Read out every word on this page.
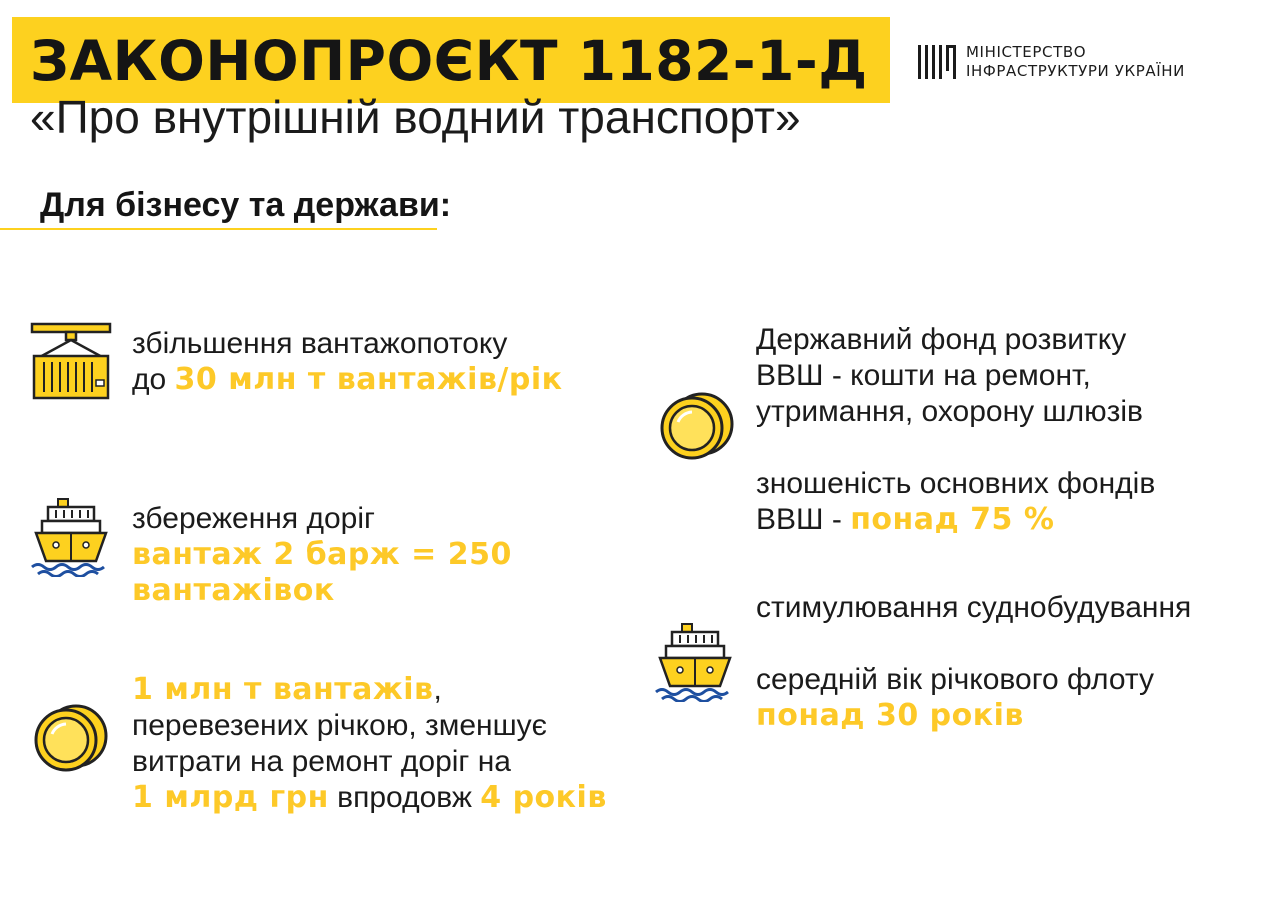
ЗАКОНОПРОЄКТ 1182-1-Д
«Про внутрішній водний транспорт»
МІНІСТЕРСТВО
ІНФРАСТРУКТУРИ УКРАЇНИ
Для бізнесу та держави:

збільшення вантажопотоку

до 30 млн т вантажів/рік

збереження доріг

вантаж 2 барж = 250

вантажівок

1 млн т вантажів,

перевезених річкою, зменшує

витрати на ремонт доріг на

1 млрд грн впродовж 4 років

Державний фонд розвитку

ВВШ - кошти на ремонт,

утримання, охорону шлюзів

зношеність основних фондів

ВВШ - понад 75 %

стимулювання суднобудування

середній вік річкового флоту

понад 30 років
